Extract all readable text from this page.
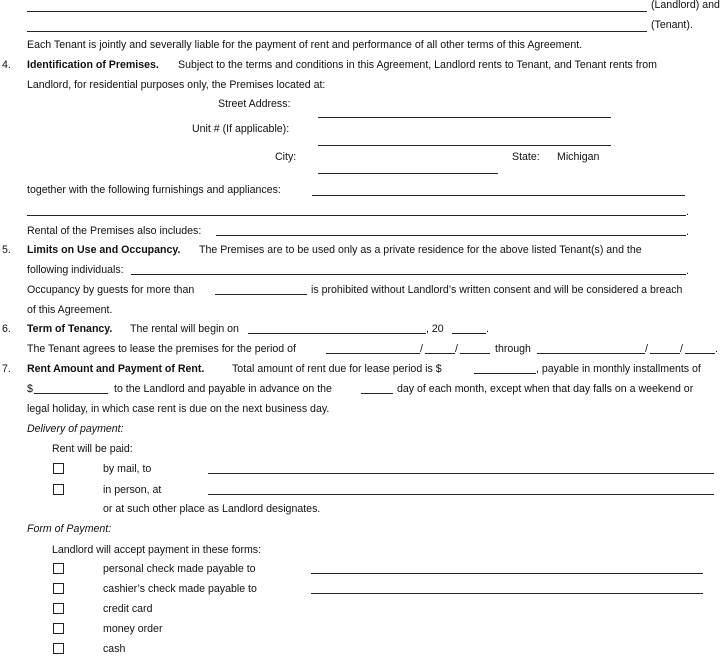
(Landlord) and
(Tenant).
Each Tenant is jointly and severally liable for the payment of rent and performance of all other terms of this Agreement.
4. Identification of Premises. Subject to the terms and conditions in this Agreement, Landlord rents to Tenant, and Tenant rents from
Landlord, for residential purposes only, the Premises located at:
Street Address:
Unit # (If applicable):
City:	State: Michigan
together with the following furnishings and appliances:
.
Rental of the Premises also includes:	.
5. Limits on Use and Occupancy. The Premises are to be used only as a private residence for the above listed Tenant(s) and the
following individuals:	.
Occupancy by guests for more than	is prohibited without Landlord’s written consent and will be considered a breach
of this Agreement.
6. Term of Tenancy. The rental will begin on	, 20	.
The Tenant agrees to lease the premises for the period of	/	/	through	/	/	.
7. Rent Amount and Payment of Rent.	Total amount of rent due for lease period is $	, payable in monthly installments of
$	to the Landlord and payable in advance on the	day of each month, except when that day falls on a weekend or
legal holiday, in which case rent is due on the next business day.
Delivery of payment:
Rent will be paid:
by mail, to
in person, at
or at such other place as Landlord designates.
Form of Payment:
Landlord will accept payment in these forms:
personal check made payable to
cashier’s check made payable to
credit card
money order
cash
